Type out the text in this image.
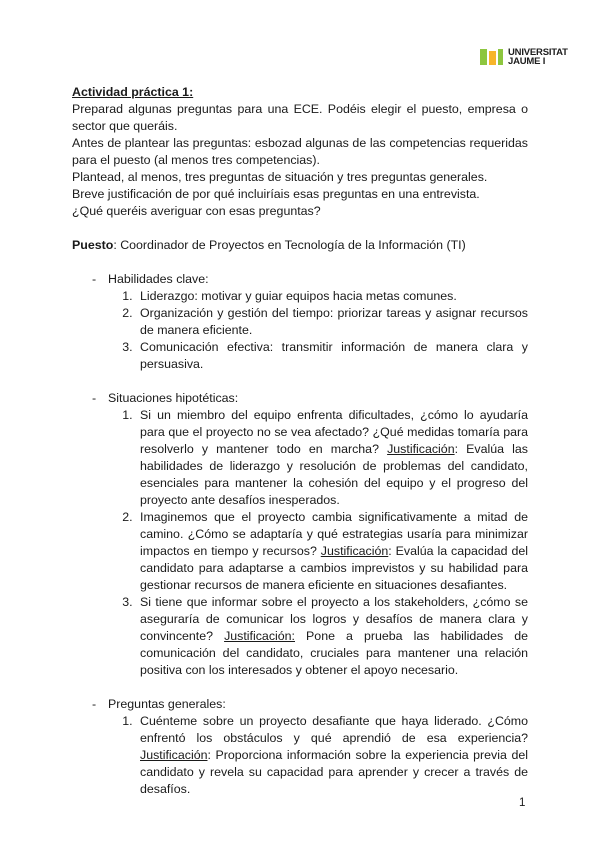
UNIVERSITAT
JAUME I
Actividad práctica 1:

Preparad algunas preguntas para una ECE. Podéis elegir el puesto, empresa o sector que queráis.

Antes de plantear las preguntas: esbozad algunas de las competencias requeridas para el puesto (al menos tres competencias).

Plantead, al menos, tres preguntas de situación y tres preguntas generales.

Breve justificación de por qué incluiríais esas preguntas en una entrevista.

¿Qué queréis averiguar con esas preguntas?

Puesto: Coordinador de Proyectos en Tecnología de la Información (TI)
- Habilidades clave:
1. Liderazgo: motivar y guiar equipos hacia metas comunes.
2. Organización y gestión del tiempo: priorizar tareas y asignar recursos de manera eficiente.
3. Comunicación efectiva: transmitir información de manera clara y persuasiva.
- Situaciones hipotéticas:
1. Si un miembro del equipo enfrenta dificultades, ¿cómo lo ayudaría para que el proyecto no se vea afectado? ¿Qué medidas tomaría para resolverlo y mantener todo en marcha? Justificación: Evalúa las habilidades de liderazgo y resolución de problemas del candidato, esenciales para mantener la cohesión del equipo y el progreso del proyecto ante desafíos inesperados.
2. Imaginemos que el proyecto cambia significativamente a mitad de camino. ¿Cómo se adaptaría y qué estrategias usaría para minimizar impactos en tiempo y recursos? Justificación: Evalúa la capacidad del candidato para adaptarse a cambios imprevistos y su habilidad para gestionar recursos de manera eficiente en situaciones desafiantes.
3. Si tiene que informar sobre el proyecto a los stakeholders, ¿cómo se aseguraría de comunicar los logros y desafíos de manera clara y convincente? Justificación: Pone a prueba las habilidades de comunicación del candidato, cruciales para mantener una relación positiva con los interesados y obtener el apoyo necesario.
- Preguntas generales:
1. Cuénteme sobre un proyecto desafiante que haya liderado. ¿Cómo enfrentó los obstáculos y qué aprendió de esa experiencia? Justificación: Proporciona información sobre la experiencia previa del candidato y revela su capacidad para aprender y crecer a través de desafíos.
1
